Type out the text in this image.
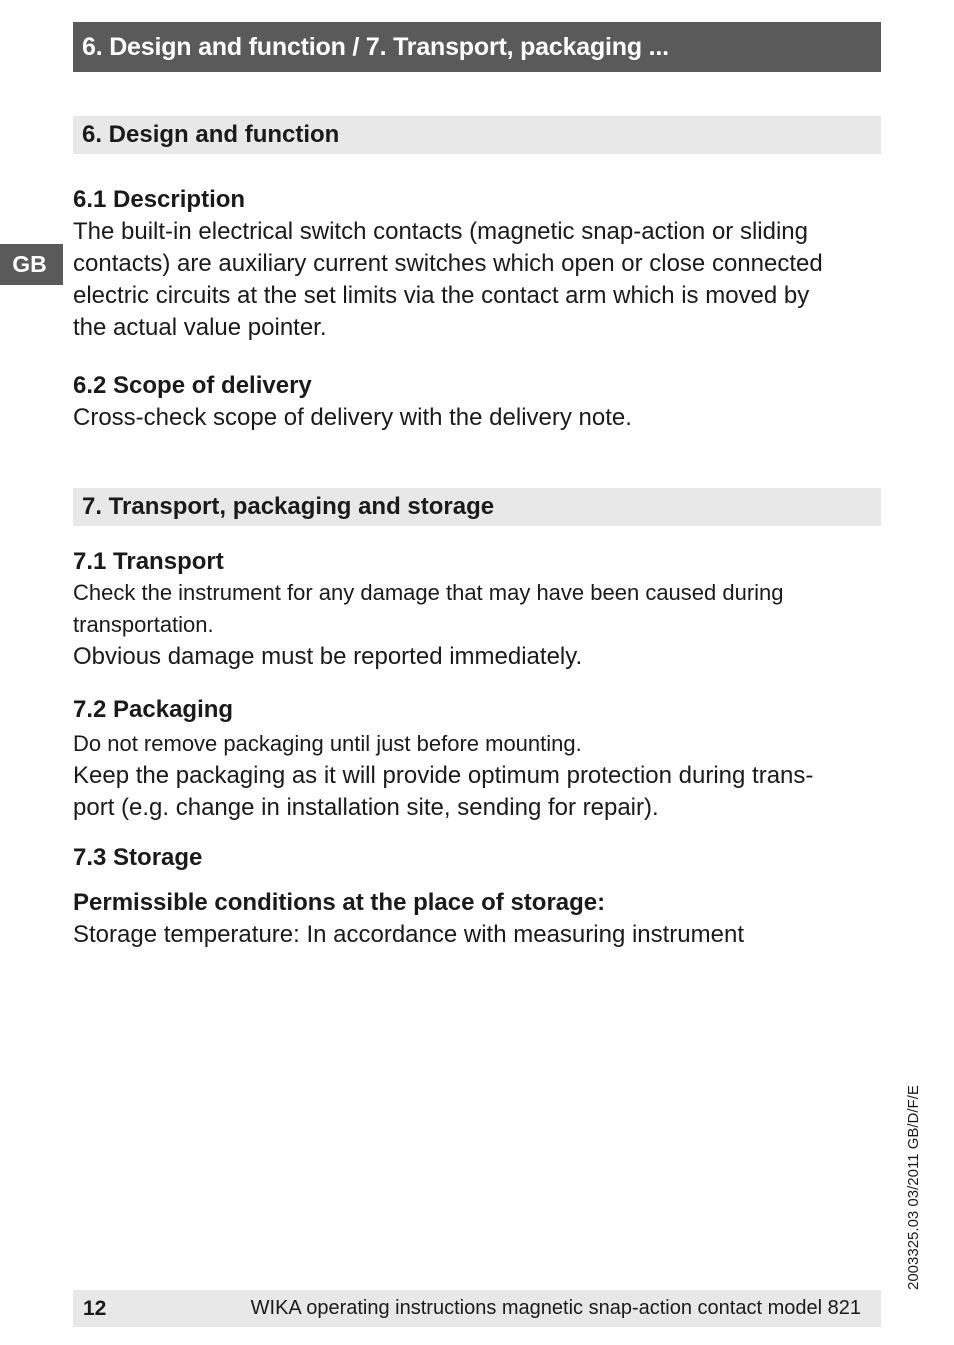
6. Design and function / 7. Transport, packaging ...
GB
6. Design and function
6.1 Description
The built-in electrical switch contacts (magnetic snap-action or sliding
contacts) are auxiliary current switches which open or close connected
electric circuits at the set limits via the contact arm which is moved by
the actual value pointer.
6.2 Scope of delivery
Cross-check scope of delivery with the delivery note.
7. Transport, packaging and storage
7.1 Transport
Check the instrument for any damage that may have been caused during
transportation.
Obvious damage must be reported immediately.
7.2 Packaging
Do not remove packaging until just before mounting.
Keep the packaging as it will provide optimum protection during trans-
port (e.g. change in installation site, sending for repair).
7.3 Storage
Permissible conditions at the place of storage:
Storage temperature: In accordance with measuring instrument
2003325.03 03/2011 GB/D/F/E
12	WIKA operating instructions magnetic snap-action contact model 821
